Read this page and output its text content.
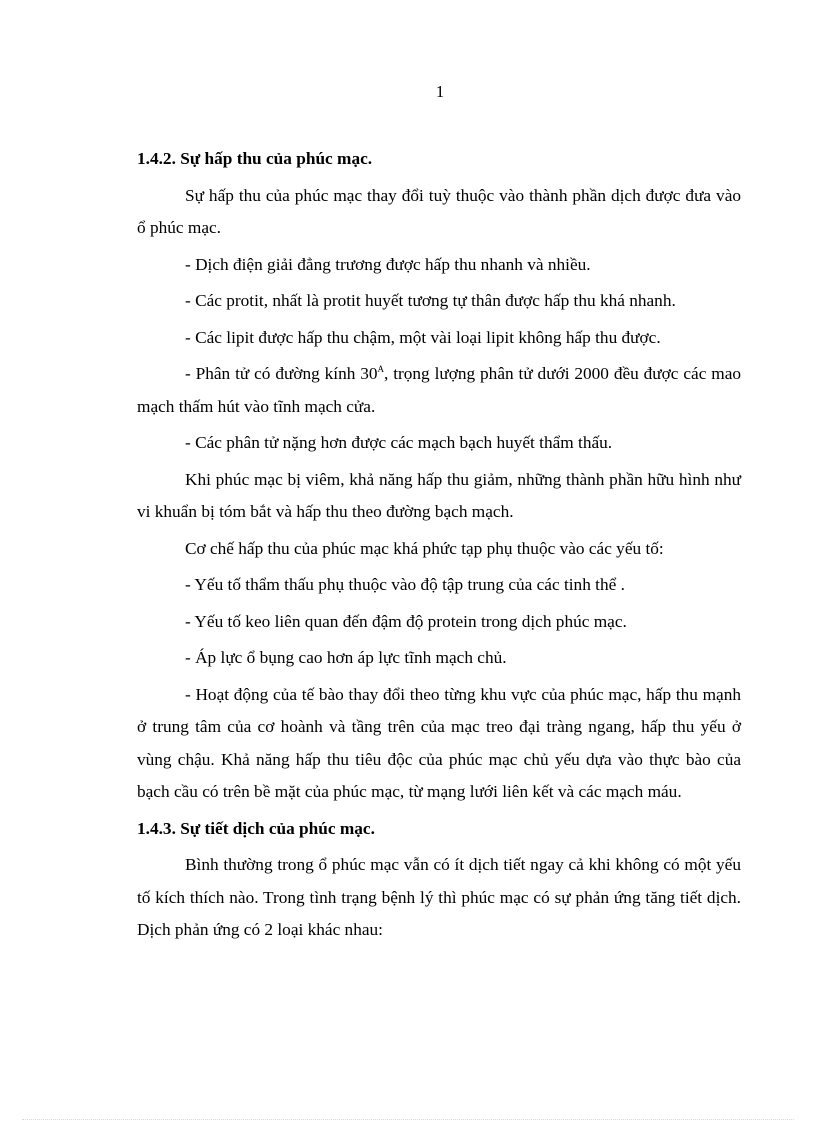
1
1.4.2. Sự hấp thu của phúc mạc.

Sự hấp thu của phúc mạc thay đổi tuỳ thuộc vào thành phần dịch được đưa vào ổ phúc mạc.

- Dịch điện giải đẳng trương được hấp thu nhanh và nhiều.

- Các protit, nhất là protit huyết tương tự thân được hấp thu khá nhanh.

- Các lipit được hấp thu chậm, một vài loại lipit không hấp thu được.

- Phân tử có đường kính $30^A$, trọng lượng phân tử dưới 2000 đều được các mao mạch thấm hút vào tĩnh mạch cửa.

- Các phân tử nặng hơn được các mạch bạch huyết thẩm thấu.

Khi phúc mạc bị viêm, khả năng hấp thu giảm, những thành phần hữu hình như vi khuẩn bị tóm bắt và hấp thu theo đường bạch mạch.

Cơ chế hấp thu của phúc mạc khá phức tạp phụ thuộc vào các yếu tố:

- Yếu tố thẩm thấu phụ thuộc vào độ tập trung của các tinh thể .

- Yếu tố keo liên quan đến đậm độ protein trong dịch phúc mạc.

- Áp lực ổ bụng cao hơn áp lực tĩnh mạch chủ.

- Hoạt động của tế bào thay đổi theo từng khu vực của phúc mạc, hấp thu mạnh ở trung tâm của cơ hoành và tầng trên của mạc treo đại tràng ngang, hấp thu yếu ở vùng chậu. Khả năng hấp thu tiêu độc của phúc mạc chủ yếu dựa vào thực bào của bạch cầu có trên bề mặt của phúc mạc, từ mạng lưới liên kết và các mạch máu.

1.4.3. Sự tiết dịch của phúc mạc.

Bình thường trong ổ phúc mạc vẫn có ít dịch tiết ngay cả khi không có một yếu tố kích thích nào. Trong tình trạng bệnh lý thì phúc mạc có sự phản ứng tăng tiết dịch. Dịch phản ứng có 2 loại khác nhau:
